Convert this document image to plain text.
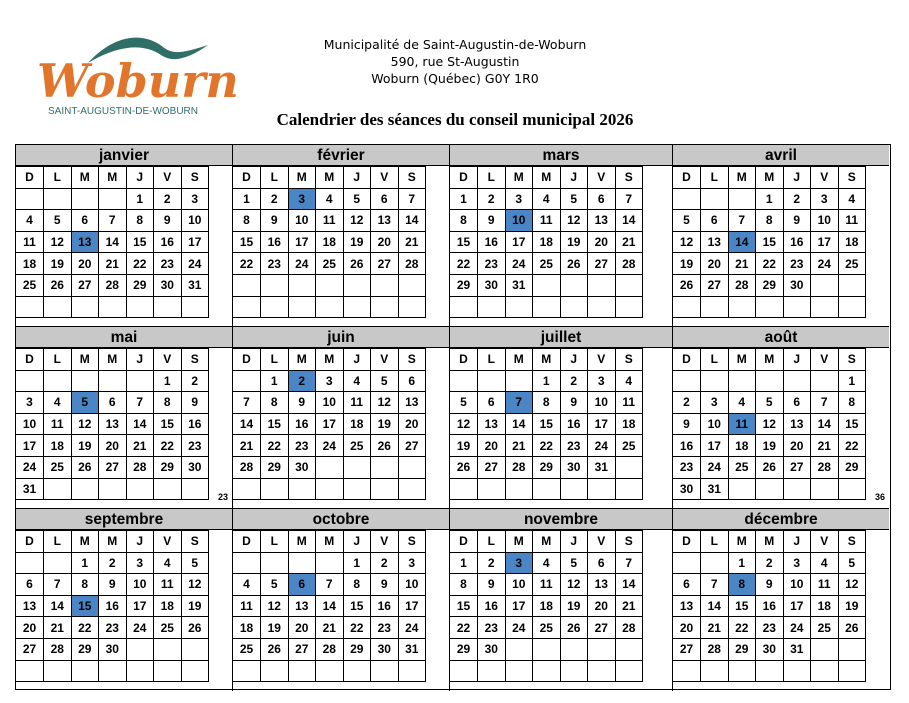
Woburn
SAINT-AUGUSTIN-DE-WOBURN
Municipalité de Saint-Augustin-de-Woburn
590, rue St-Augustin
Woburn (Québec) G0Y 1R0
Calendrier des séances du conseil municipal 2026
janvier
D	L	M	M	J	V	S
				1	2	3
4	5	6	7	8	9	10
11	12	13	14	15	16	17
18	19	20	21	22	23	24
25	26	27	28	29	30	31

février
D	L	M	M	J	V	S
1	2	3	4	5	6	7
8	9	10	11	12	13	14
15	16	17	18	19	20	21
22	23	24	25	26	27	28

mars
D	L	M	M	J	V	S
1	2	3	4	5	6	7
8	9	10	11	12	13	14
15	16	17	18	19	20	21
22	23	24	25	26	27	28
29	30	31				

avril
D	L	M	M	J	V	S
			1	2	3	4
5	6	7	8	9	10	11
12	13	14	15	16	17	18
19	20	21	22	23	24	25
26	27	28	29	30		

mai
D	L	M	M	J	V	S
					1	2
3	4	5	6	7	8	9
10	11	12	13	14	15	16
17	18	19	20	21	22	23
24	25	26	27	28	29	30
31						
23
juin
D	L	M	M	J	V	S
	1	2	3	4	5	6
7	8	9	10	11	12	13
14	15	16	17	18	19	20
21	22	23	24	25	26	27
28	29	30				

juillet
D	L	M	M	J	V	S
			1	2	3	4
5	6	7	8	9	10	11
12	13	14	15	16	17	18
19	20	21	22	23	24	25
26	27	28	29	30	31	

août
D	L	M	M	J	V	S
						1
2	3	4	5	6	7	8
9	10	11	12	13	14	15
16	17	18	19	20	21	22
23	24	25	26	27	28	29
30	31					
36
septembre
D	L	M	M	J	V	S
		1	2	3	4	5
6	7	8	9	10	11	12
13	14	15	16	17	18	19
20	21	22	23	24	25	26
27	28	29	30			

octobre
D	L	M	M	J	V	S
				1	2	3
4	5	6	7	8	9	10
11	12	13	14	15	16	17
18	19	20	21	22	23	24
25	26	27	28	29	30	31

novembre
D	L	M	M	J	V	S
1	2	3	4	5	6	7
8	9	10	11	12	13	14
15	16	17	18	19	20	21
22	23	24	25	26	27	28
29	30					

décembre
D	L	M	M	J	V	S
		1	2	3	4	5
6	7	8	9	10	11	12
13	14	15	16	17	18	19
20	21	22	23	24	25	26
27	28	29	30	31		
